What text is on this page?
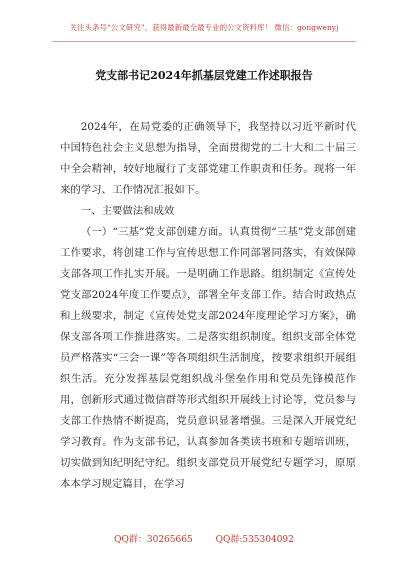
关注头条号“公文研究”，获得最新最全最专业的公文资料库！ 微信：gongwenyj
党支部书记2024年抓基层党建工作述职报告

2024年，在局党委的正确领导下，我坚持以习近平新时代中国特色社会主义思想为指导，全面贯彻党的二十大和二十届三中全会精神，较好地履行了支部党建工作职责和任务。现将一年来的学习、工作情况汇报如下。

一、主要做法和成效

（一）“三基”党支部创建方面。认真贯彻“三基”党支部创建工作要求，将创建工作与宣传思想工作同部署同落实，有效保障支部各项工作扎实开展。一是明确工作思路。组织制定《宣传处党支部2024年度工作要点》，部署全年支部工作。结合时政热点和上级要求，制定《宣传处党支部2024年度理论学习方案》，确保支部各项工作推进落实。二是落实组织制度。组织支部全体党员严格落实“三会一课”等各项组织生活制度，按要求组织开展组织生活。充分发挥基层党组织战斗堡垒作用和党员先锋模范作用，创新形式通过微信群等形式组织开展线上讨论等，党员参与支部工作热情不断提高，党员意识显著增强。三是深入开展党纪学习教育。作为支部书记，认真参加各类读书班和专题培训班，切实做到知纪明纪守纪。组织支部党员开展党纪专题学习，原原本本学习规定篇目，在学习

QQ群：30265665	QQ群:535304092
